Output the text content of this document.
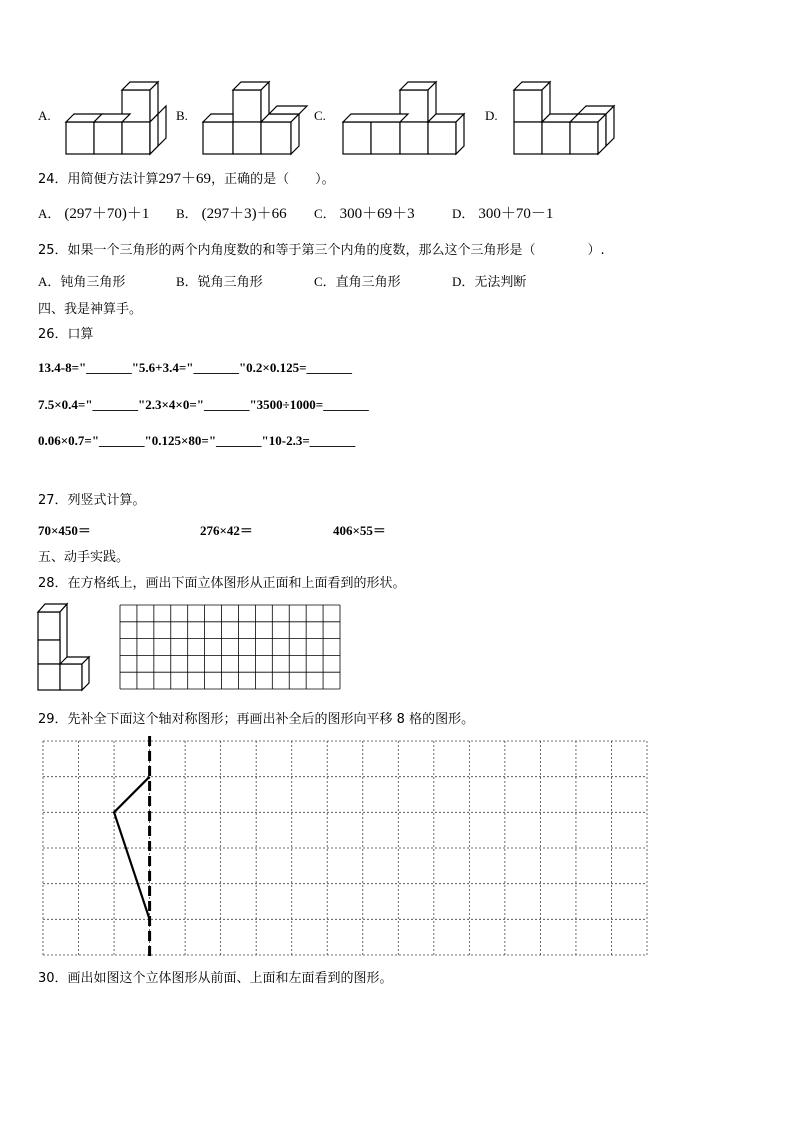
A.	B.	C.	D.
24．用简便方法计算297＋69，正确的是（　　）。
A． (297＋70)＋1 B． (297＋3)＋66 C． 300＋69＋3	D． 300＋70－1
25．如果一个三角形的两个内角度数的和等于第三个内角的度数，那么这个三角形是（　　　　）.
A．钝角三角形	B．锐角三角形	C．直角三角形	D．无法判断
四、我是神算手。
26．口算
13.4-8="_______"5.6+3.4="_______"0.2×0.125=_______
7.5×0.4="_______"2.3×4×0="_______"3500÷1000=_______
0.06×0.7="_______"0.125×80="_______"10-2.3=_______
27．列竖式计算。
70×450＝	276×42＝	406×55＝
五、动手实践。
28．在方格纸上，画出下面立体图形从正面和上面看到的形状。
29．先补全下面这个轴对称图形；再画出补全后的图形向平移 8 格的图形。
30．画出如图这个立体图形从前面、上面和左面看到的图形。
